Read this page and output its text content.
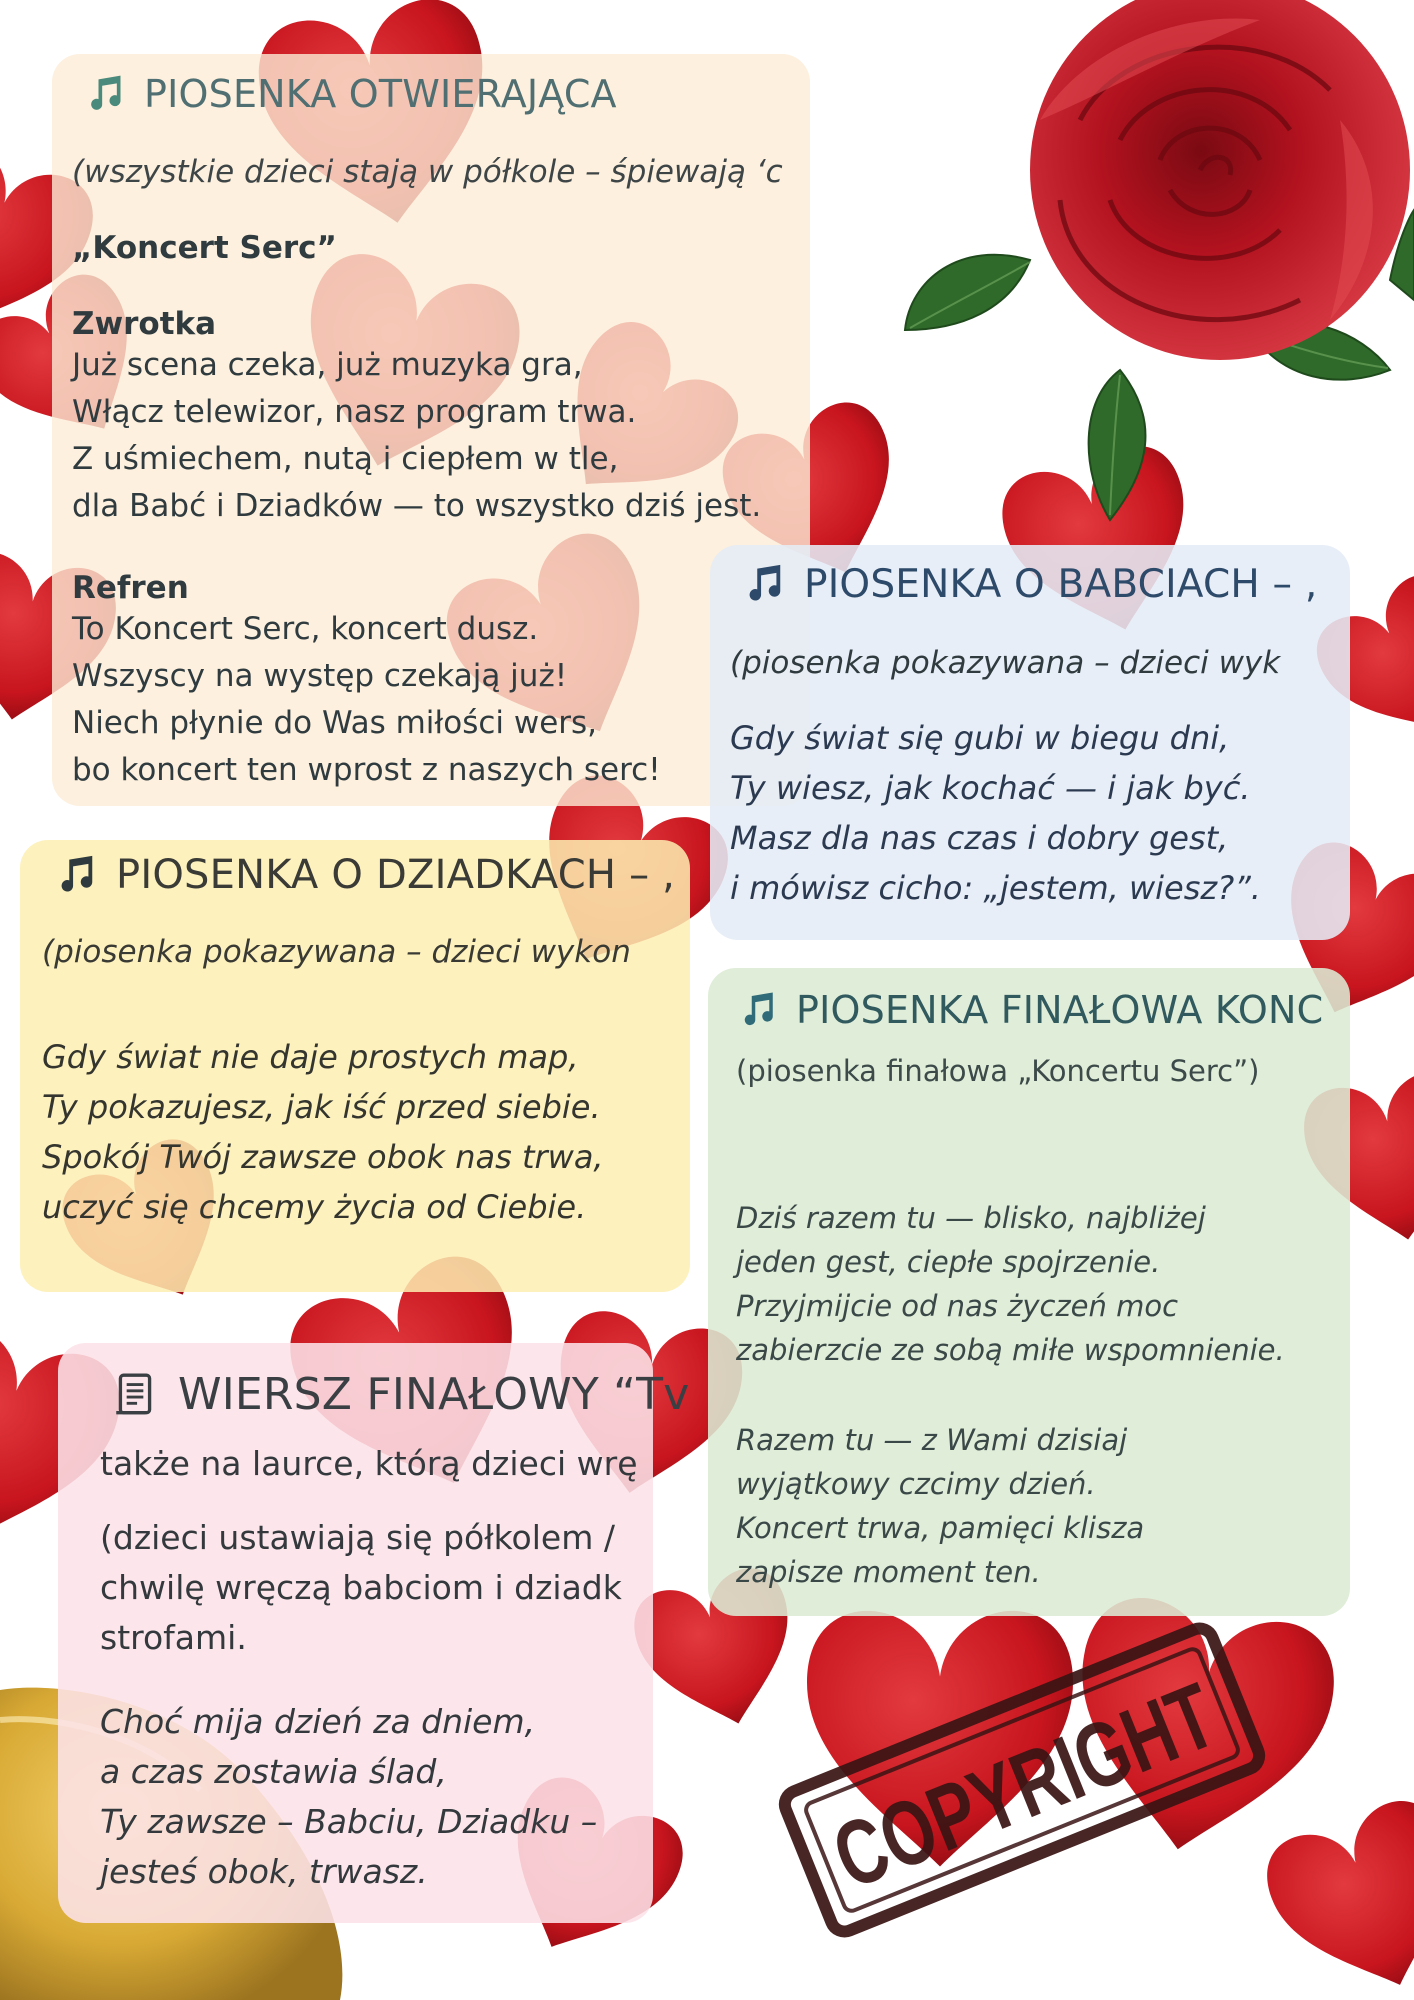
PIOSENKA OTWIERAJĄCA
(wszystkie dzieci stają w półkole – śpiewają ‘c
„Koncert Serc”
Zwrotka
Już scena czeka, już muzyka gra,
Włącz telewizor, nasz program trwa.
Z uśmiechem, nutą i ciepłem w tle,
dla Babć i Dziadków — to wszystko dziś jest.
Refren
To Koncert Serc, koncert dusz.
Wszyscy na występ czekają już!
Niech płynie do Was miłości wers,
bo koncert ten wprost z naszych serc!
PIOSENKA O DZIADKACH – ,
(piosenka pokazywana – dzieci wykon
Gdy świat nie daje prostych map,
Ty pokazujesz, jak iść przed siebie.
Spokój Twój zawsze obok nas trwa,
uczyć się chcemy życia od Ciebie.
PIOSENKA O BABCIACH – ,
(piosenka pokazywana – dzieci wyk
Gdy świat się gubi w biegu dni,
Ty wiesz, jak kochać — i jak być.
Masz dla nas czas i dobry gest,
i mówisz cicho: „jestem, wiesz?”.
PIOSENKA FINAŁOWA KONC
(piosenka finałowa „Koncertu Serc”)
Dziś razem tu — blisko, najbliżej
jeden gest, ciepłe spojrzenie.
Przyjmijcie od nas życzeń moc
zabierzcie ze sobą miłe wspomnienie.
Razem tu — z Wami dzisiaj
wyjątkowy czcimy dzień.
Koncert trwa, pamięci klisza
zapisze moment ten.
WIERSZ FINAŁOWY “Tv
także na laurce, którą dzieci wrę
(dzieci ustawiają się półkolem /
chwilę wręczą babciom i dziadk
strofami.
Choć mija dzień za dniem,
a czas zostawia ślad,
Ty zawsze – Babciu, Dziadku –
jesteś obok, trwasz.	COPYRIGHT
